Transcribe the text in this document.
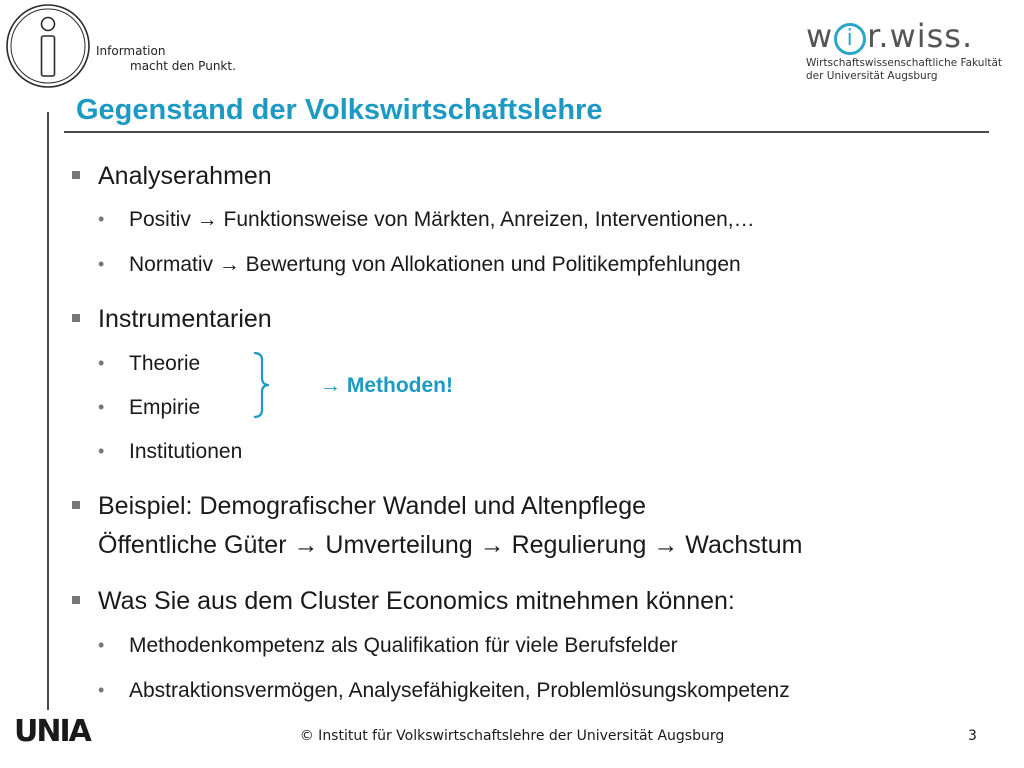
Information
macht den Punkt.
w i r.wiss.
Wirtschaftswissenschaftliche Fakultät
der Universität Augsburg
Gegenstand der Volkswirtschaftslehre
Analyserahmen
• Positiv → Funktionsweise von Märkten, Anreizen, Interventionen,…
• Normativ → Bewertung von Allokationen und Politikempfehlungen
Instrumentarien
• Theorie
• Empirie
• Institutionen
→ Methoden!
Beispiel: Demografischer Wandel und Altenpflege
Öffentliche Güter → Umverteilung → Regulierung → Wachstum
Was Sie aus dem Cluster Economics mitnehmen können:
• Methodenkompetenz als Qualifikation für viele Berufsfelder
• Abstraktionsvermögen, Analysefähigkeiten, Problemlösungskompetenz
UNIA	© Institut für Volkswirtschaftslehre der Universität Augsburg	3
